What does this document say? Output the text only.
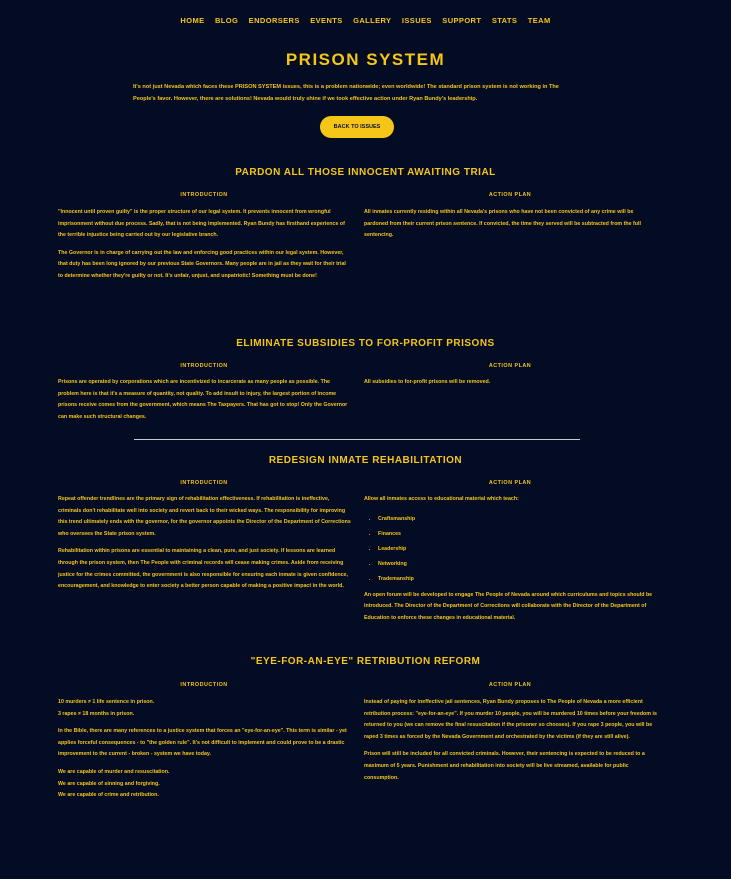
HOME BLOG ENDORSERS EVENTS GALLERY ISSUES SUPPORT STATS TEAM
PRISON SYSTEM
It's not just Nevada which faces these PRISON SYSTEM issues, this is a problem nationwide; even worldwide! The standard prison system is not working in The People's favor. However, there are solutions! Nevada would truly shine if we took effective action under Ryan Bundy's leadership.
BACK TO ISSUES
PARDON ALL THOSE INNOCENT AWAITING TRIAL
INTRODUCTION	ACTION PLAN

"Innocent until proven guilty" is the proper structure of our legal system. It prevents innocent from wrongful imprisonment without due process. Sadly, that is not being implemented. Ryan Bundy has firsthand experience of the terrible injustice being carried out by our legislative branch.

The Governor is in charge of carrying out the law and enforcing good practices within our legal system. However, that duty has been long ignored by our previous State Governors. Many people are in jail as they wait for their trial to determine whether they're guilty or not. It's unfair, unjust, and unpatriotic! Something must be done!

All inmates currently residing within all Nevada's prisons who have not been convicted of any crime will be pardoned from their current prison sentence. If convicted, the time they served will be subtracted from the full sentencing.

ELIMINATE SUBSIDIES TO FOR-PROFIT PRISONS
INTRODUCTION	ACTION PLAN

Prisons are operated by corporations which are incentivized to incarcerate as many people as possible. The problem here is that it's a measure of quantity, not quality. To add insult to injury, the largest portion of income prisons receive comes from the government, which means The Taxpayers. That has got to stop! Only the Governor can make such structural changes.

All subsidies to for-profit prisons will be removed.

REDESIGN INMATE REHABILITATION
INTRODUCTION	ACTION PLAN

Repeat offender trendlines are the primary sign of rehabilitation effectiveness. If rehabilitation is ineffective, criminals don't rehabilitate well into society and revert back to their wicked ways. The responsibility for improving this trend ultimately ends with the governor, for the governor appoints the Director of the Department of Corrections who oversees the State prison system.

Rehabilitation within prisons are essential to maintaining a clean, pure, and just society. If lessons are learned through the prison system, then The People with criminal records will cease making crimes. Aside from receiving justice for the crimes committed, the government is also responsible for ensuring each inmate is given confidence, encouragement, and knowledge to enter society a better person capable of making a positive impact in the world.

Allow all inmates access to educational material which teach:

• Craftsmanship
• Finances
• Leadership
• Networking
• Trademanship

An open forum will be developed to engage The People of Nevada around which curriculums and topics should be introduced. The Director of the Department of Corrections will collaborate with the Director of the Department of Education to enforce these changes in educational material.

"EYE-FOR-AN-EYE" RETRIBUTION REFORM
INTRODUCTION	ACTION PLAN

10 murders ≠ 1 life sentence in prison.
3 rapes ≠ 18 months in prison.

In the Bible, there are many references to a justice system that forces an "eye-for-an-eye". This term is similar - yet applies forceful consequences - to "the golden rule". It's not difficult to implement and could prove to be a drastic improvement to the current - broken - system we have today.

We are capable of murder and resuscitation.
We are capable of sinning and forgiving.
We are capable of crime and retribution.

Instead of paying for ineffective jail sentences, Ryan Bundy proposes to The People of Nevada a more efficient retribution process: "eye-for-an-eye". If you murder 10 people, you will be murdered 10 times before your freedom is returned to you (we can remove the final resuscitation if the prisoner so chooses). If you rape 3 people, you will be raped 3 times as forced by the Nevada Government and orchestrated by the victims (if they are still alive).

Prison will still be included for all convicted criminals. However, their sentencing is expected to be reduced to a maximum of 5 years. Punishment and rehabilitation into society will be live streamed, available for public consumption.
